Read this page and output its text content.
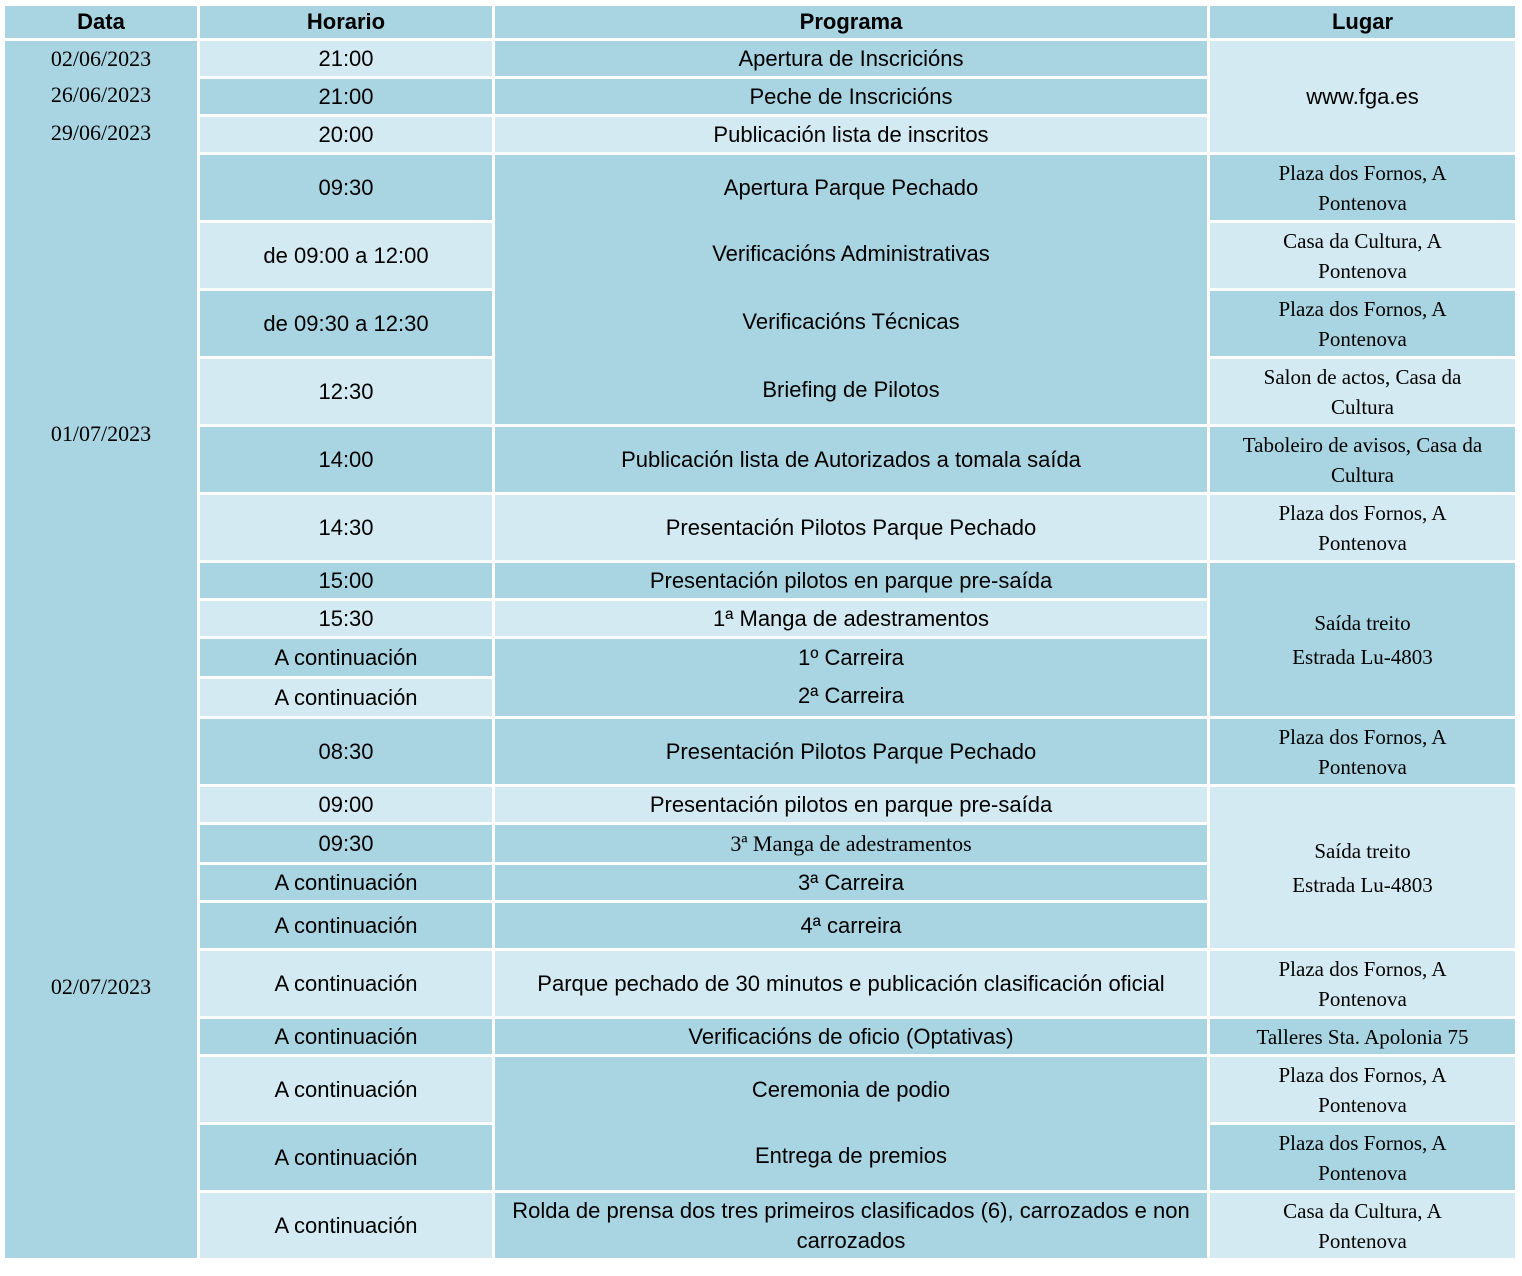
Data	Horario	Programa	Lugar
02/06/2023	21:00	Apertura de Inscricións	www.fga.es
26/06/2023	21:00	Peche de Inscricións	
29/06/2023	20:00	Publicación lista de inscritos	
01/07/2023	09:30	Apertura Parque Pechado	Plaza dos Fornos, A
Pontenova
	de 09:00 a 12:00	Verificacións Administrativas	Casa da Cultura, A
Pontenova
	de 09:30 a 12:30	Verificacións Técnicas	Plaza dos Fornos, A
Pontenova
	12:30	Briefing de Pilotos	Salon de actos, Casa da
Cultura
	14:00	Publicación lista de Autorizados a tomala saída	Taboleiro de avisos, Casa da
Cultura
	14:30	Presentación Pilotos Parque Pechado	Plaza dos Fornos, A
Pontenova
	15:00	Presentación pilotos en parque pre-saída	Saída treito
Estrada Lu-4803
	15:30	1ª Manga de adestramentos	
	A continuación	1º Carreira	
	A continuación	2ª Carreira	
02/07/2023	08:30	Presentación Pilotos Parque Pechado	Plaza dos Fornos, A
Pontenova
	09:00	Presentación pilotos en parque pre-saída	Saída treito
Estrada Lu-4803
	09:30	3ª Manga de adestramentos	
	A continuación	3ª Carreira	
	A continuación	4ª carreira	
	A continuación	Parque pechado de 30 minutos e publicación clasificación oficial	Plaza dos Fornos, A
Pontenova
	A continuación	Verificacións de oficio (Optativas)	Talleres Sta. Apolonia 75
	A continuación	Ceremonia de podio	Plaza dos Fornos, A
Pontenova
	A continuación	Entrega de premios	Plaza dos Fornos, A
Pontenova
	A continuación	Rolda de prensa dos tres primeiros clasificados (6), carrozados e non carrozados	Casa da Cultura, A
Pontenova
